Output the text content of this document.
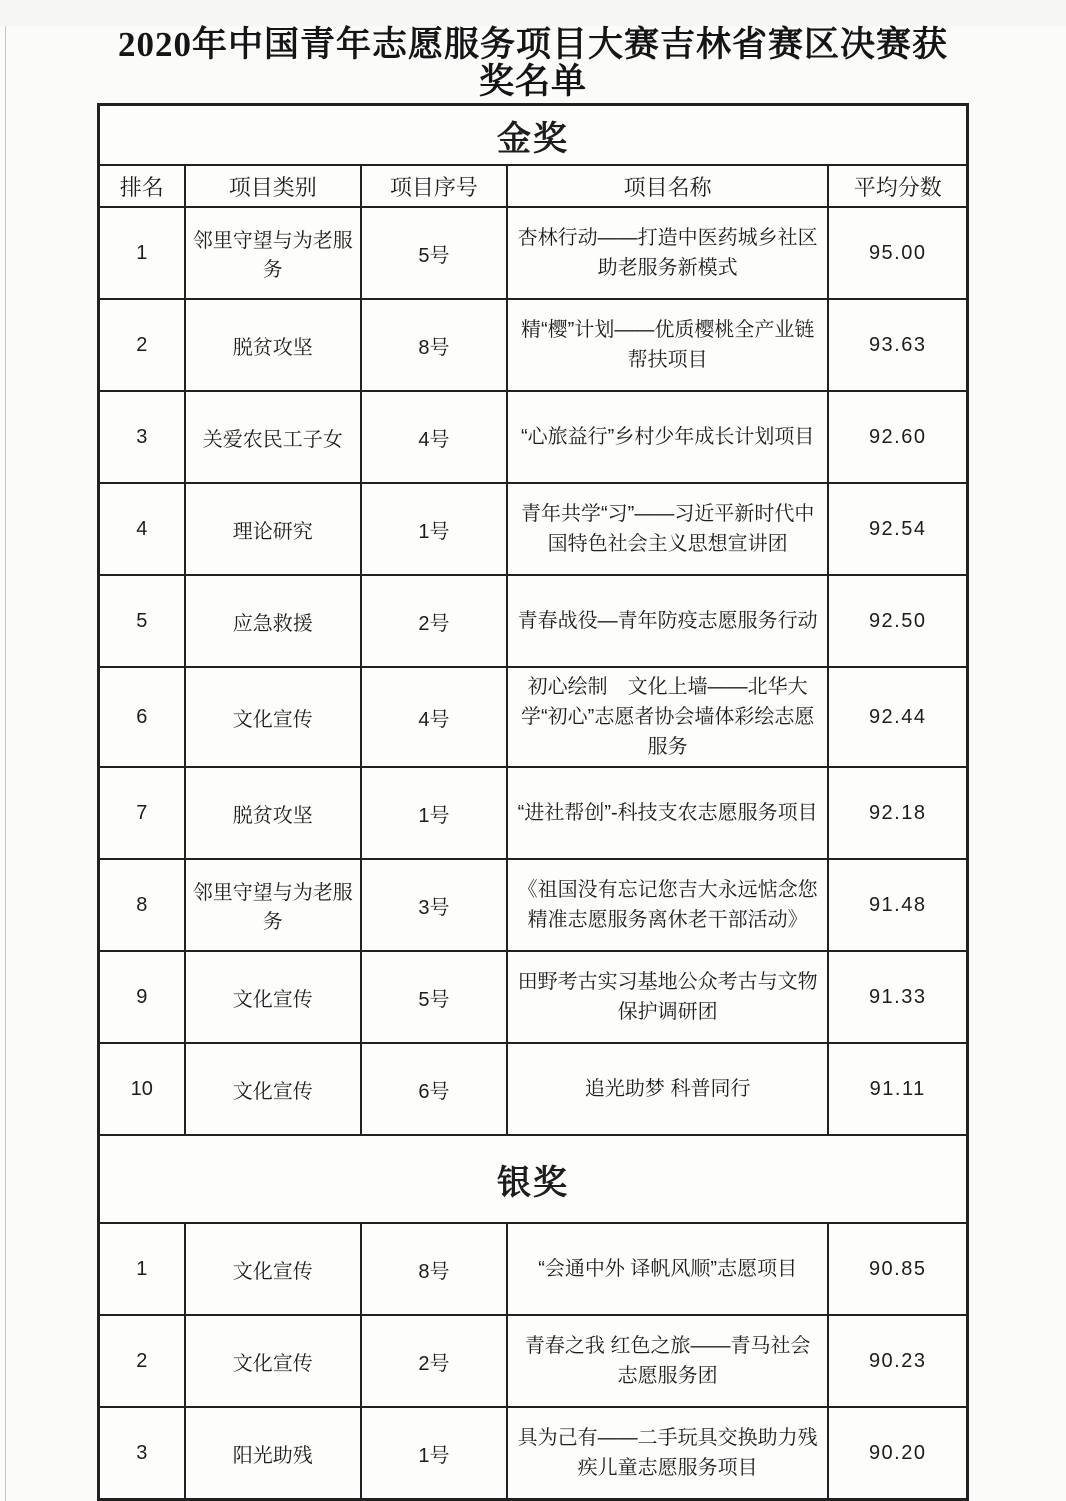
2020年中国青年志愿服务项目大赛吉林省赛区决赛获奖名单
金奖				
排名	项目类别	项目序号	项目名称	平均分数
1	邻里守望与为老服务	5号	杏林行动——打造中医药城乡社区助老服务新模式	95.00
2	脱贫攻坚	8号	精“樱”计划——优质樱桃全产业链帮扶项目	93.63
3	关爱农民工子女	4号	“心旅益行”乡村少年成长计划项目	92.60
4	理论研究	1号	青年共学“习”——习近平新时代中国特色社会主义思想宣讲团	92.54
5	应急救援	2号	青春战役—青年防疫志愿服务行动	92.50
6	文化宣传	4号	初心绘制　文化上墙——北华大学“初心”志愿者协会墙体彩绘志愿服务	92.44
7	脱贫攻坚	1号	“进社帮创”-科技支农志愿服务项目	92.18
8	邻里守望与为老服务	3号	《祖国没有忘记您吉大永远惦念您精准志愿服务离休老干部活动》	91.48
9	文化宣传	5号	田野考古实习基地公众考古与文物保护调研团	91.33
10	文化宣传	6号	追光助梦 科普同行	91.11
银奖				
1	文化宣传	8号	“会通中外 译帆风顺”志愿项目	90.85
2	文化宣传	2号	青春之我 红色之旅——青马社会志愿服务团	90.23
3	阳光助残	1号	具为己有——二手玩具交换助力残疾儿童志愿服务项目	90.20
